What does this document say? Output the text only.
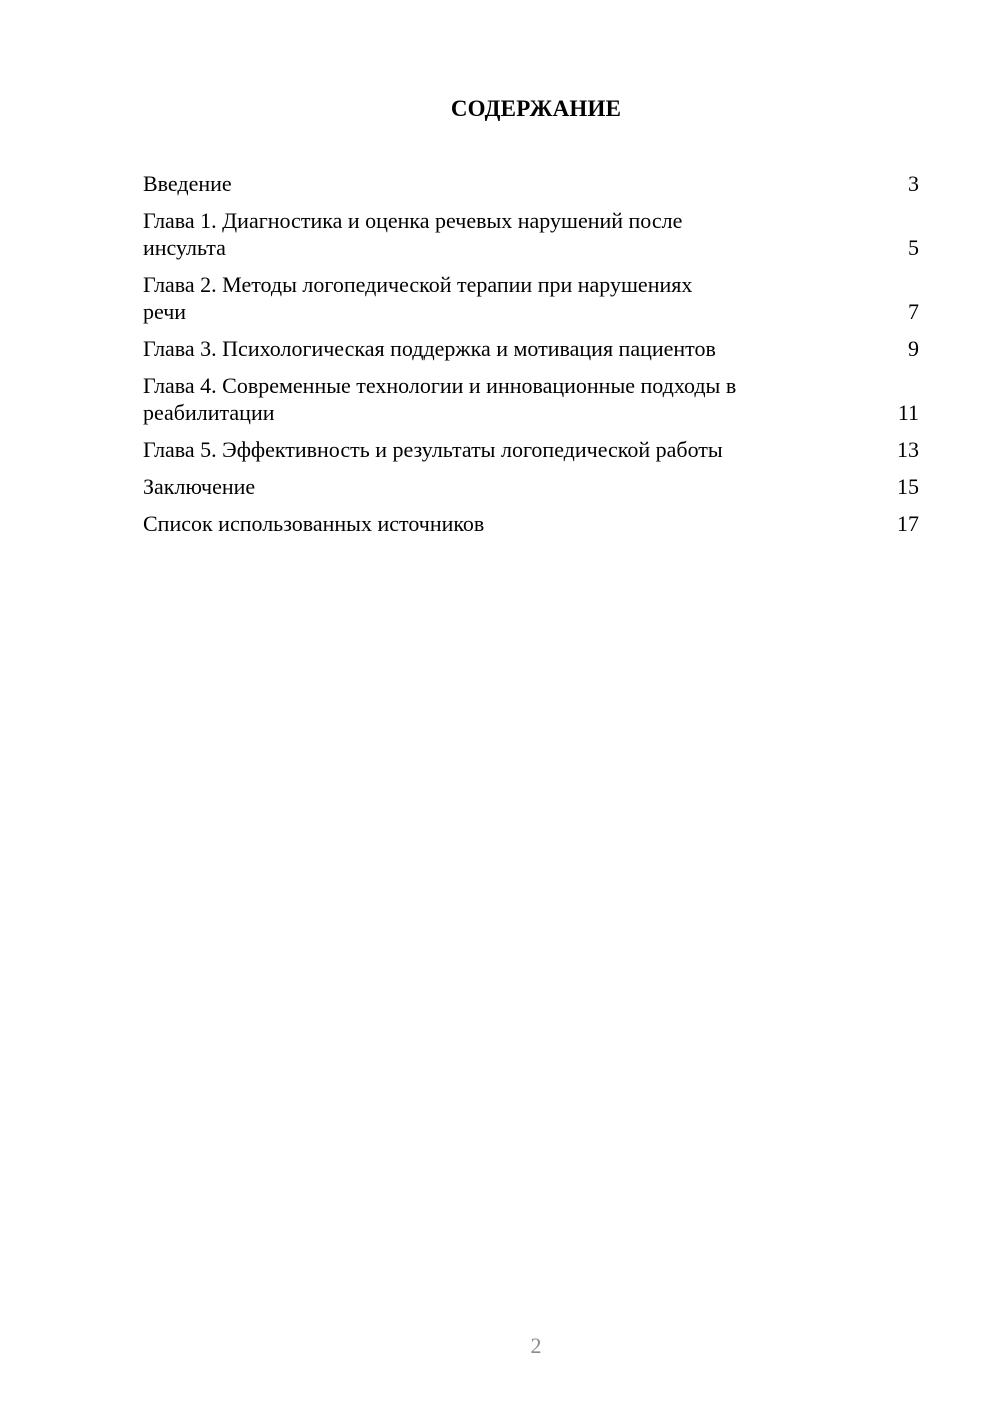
СОДЕРЖАНИЕ
Введение	3
Глава 1. Диагностика и оценка речевых нарушений после
инсульта	5
Глава 2. Методы логопедической терапии при нарушениях
речи	7
Глава 3. Психологическая поддержка и мотивация пациентов	9
Глава 4. Современные технологии и инновационные подходы в
реабилитации	11
Глава 5. Эффективность и результаты логопедической работы	13
Заключение	15
Список использованных источников	17
2
